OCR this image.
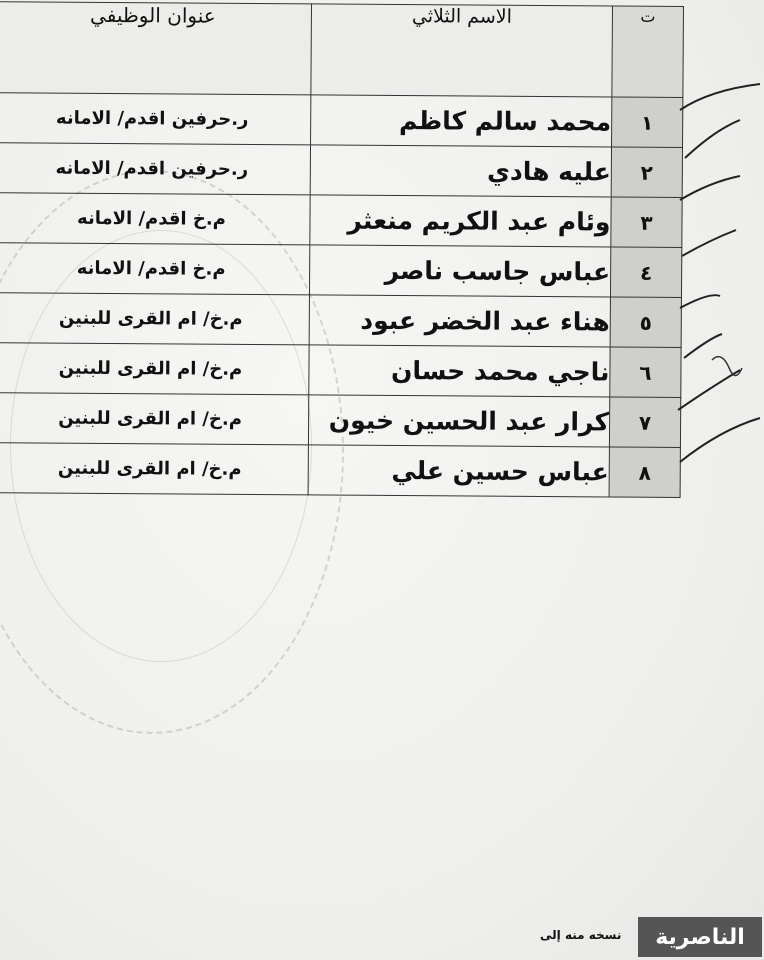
ت	الاسم الثلاثي	عنوان الوظيفي
١	محمد سالم كاظم	ر.حرفين اقدم/ الامانه
٢	عليه هادي	ر.حرفين اقدم/ الامانه
٣	وئام عبد الكريم منعثر	م.خ اقدم/ الامانه
٤	عباس جاسب ناصر	م.خ اقدم/ الامانه
٥	هناء عبد الخضر عبود	م.خ/ ام القرى للبنين
٦	ناجي محمد حسان	م.خ/ ام القرى للبنين
٧	كرار عبد الحسين خيون	م.خ/ ام القرى للبنين
٨	عباس حسين علي	م.خ/ ام القرى للبنين
نسخه منه إلى الناصرية
